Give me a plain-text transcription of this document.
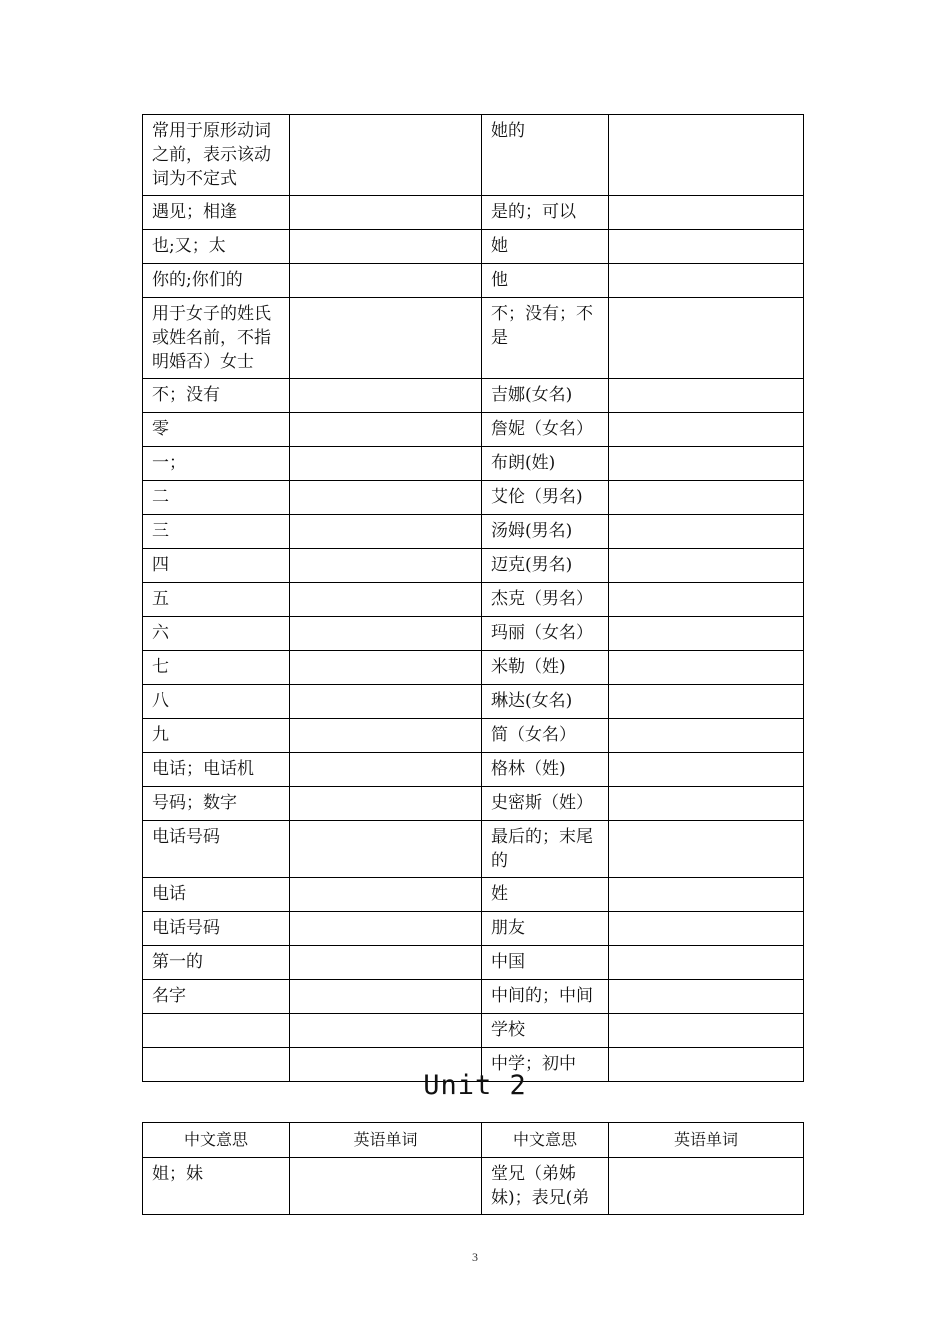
常用于原形动词之前，表示该动词为不定式		她的	
遇见；相逢		是的；可以	
也;又；太		她	
你的;你们的		他	
用于女子的姓氏或姓名前，不指明婚否）女士		不；没有；不是	
不；没有		吉娜(女名)	
零		詹妮（女名）	
一；		布朗(姓)	
二		艾伦（男名)	
三		汤姆(男名)	
四		迈克(男名)	
五		杰克（男名）	
六		玛丽（女名）	
七		米勒（姓)	
八		琳达(女名)	
九		简（女名）	
电话；电话机		格林（姓)	
号码；数字		史密斯（姓）	
电话号码		最后的；末尾的	
电话		姓	
电话号码		朋友	
第一的		中国	
名字		中间的；中间	
		学校	
		中学；初中	
Unit 2
中文意思	英语单词	中文意思	英语单词
姐；妹		堂兄（弟姊妹)；表兄(弟	
3
